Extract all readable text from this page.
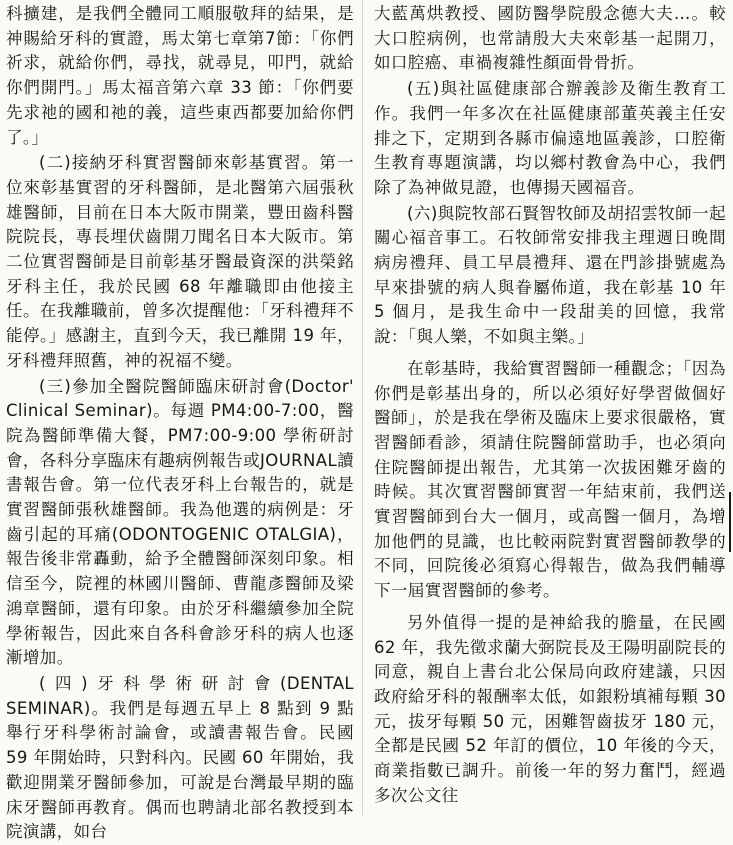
科擴建，是我們全體同工順服敬拜的結果，是神賜給牙科的實證，馬太第七章第7節：「你們祈求，就給你們，尋找，就尋見，叩門，就給你們開門。」馬太福音第六章 33 節：「你們要先求祂的國和祂的義，這些東西都要加給你們了。」

(二)接納牙科實習醫師來彰基實習。第一位來彰基實習的牙科醫師，是北醫第六屆張秋雄醫師，目前在日本大阪市開業，豐田齒科醫院院長，專長埋伏齒開刀聞名日本大阪市。第二位實習醫師是目前彰基牙醫最資深的洪榮銘牙科主任，我於民國 68 年離職即由他接主任。在我離職前，曾多次提醒他：「牙科禮拜不能停。」感謝主，直到今天，我已離開 19 年，牙科禮拜照舊，神的祝福不變。

(三)參加全醫院醫師臨床研討會(Doctor' Clinical Seminar)。每週 PM4:00-7:00，醫院為醫師準備大餐，PM7:00-9:00 學術研討會，各科分享臨床有趣病例報告或JOURNAL讀書報告會。第一位代表牙科上台報告的，就是實習醫師張秋雄醫師。我為他選的病例是：牙齒引起的耳痛(ODONTOGENIC OTALGIA)，報告後非常轟動，給予全體醫師深刻印象。相信至今，院裡的林國川醫師、曹龍彥醫師及梁鴻章醫師，還有印象。由於牙科繼續參加全院學術報告，因此來自各科會診牙科的病人也逐漸增加。

(四)牙科學術研討會(DENTAL SEMINAR)。我們是每週五早上 8 點到 9 點舉行牙科學術討論會，或讀書報告會。民國 59 年開始時，只對科內。民國 60 年開始，我歡迎開業牙醫師參加，可說是台灣最早期的臨床牙醫師再教育。偶而也聘請北部名教授到本院演講，如台

大藍萬烘教授、國防醫學院殷念德大夫…。較大口腔病例，也常請殷大夫來彰基一起開刀，如口腔癌、車禍複雜性顏面骨骨折。

(五)與社區健康部合辦義診及衛生教育工作。我們一年多次在社區健康部董英義主任安排之下，定期到各縣市偏遠地區義診，口腔衛生教育專題演講，均以鄉村教會為中心，我們除了為神做見證，也傳揚天國福音。

(六)與院牧部石賢智牧師及胡招雲牧師一起關心福音事工。石牧師常安排我主理週日晚間病房禮拜、員工早晨禮拜、還在門診掛號處為早來掛號的病人與眷屬佈道，我在彰基 10 年 5 個月，是我生命中一段甜美的回憶，我常說：「與人樂，不如與主樂。」

在彰基時，我給實習醫師一種觀念；「因為你們是彰基出身的，所以必須好好學習做個好醫師」，於是我在學術及臨床上要求很嚴格，實習醫師看診，須請住院醫師當助手，也必須向住院醫師提出報告，尤其第一次拔困難牙齒的時候。其次實習醫師實習一年結束前，我們送實習醫師到台大一個月，或高醫一個月，為增加他們的見識，也比較兩院對實習醫師教學的不同，回院後必須寫心得報告，做為我們輔導下一屆實習醫師的參考。

另外值得一提的是神給我的膽量，在民國 62 年，我先徵求蘭大弼院長及王陽明副院長的同意，親自上書台北公保局向政府建議，只因政府給牙科的報酬率太低，如銀粉填補每顆 30 元，拔牙每顆 50 元，困難智齒拔牙 180 元，全都是民國 52 年訂的價位，10 年後的今天，商業指數已調升。前後一年的努力奮鬥，經過多次公文往
